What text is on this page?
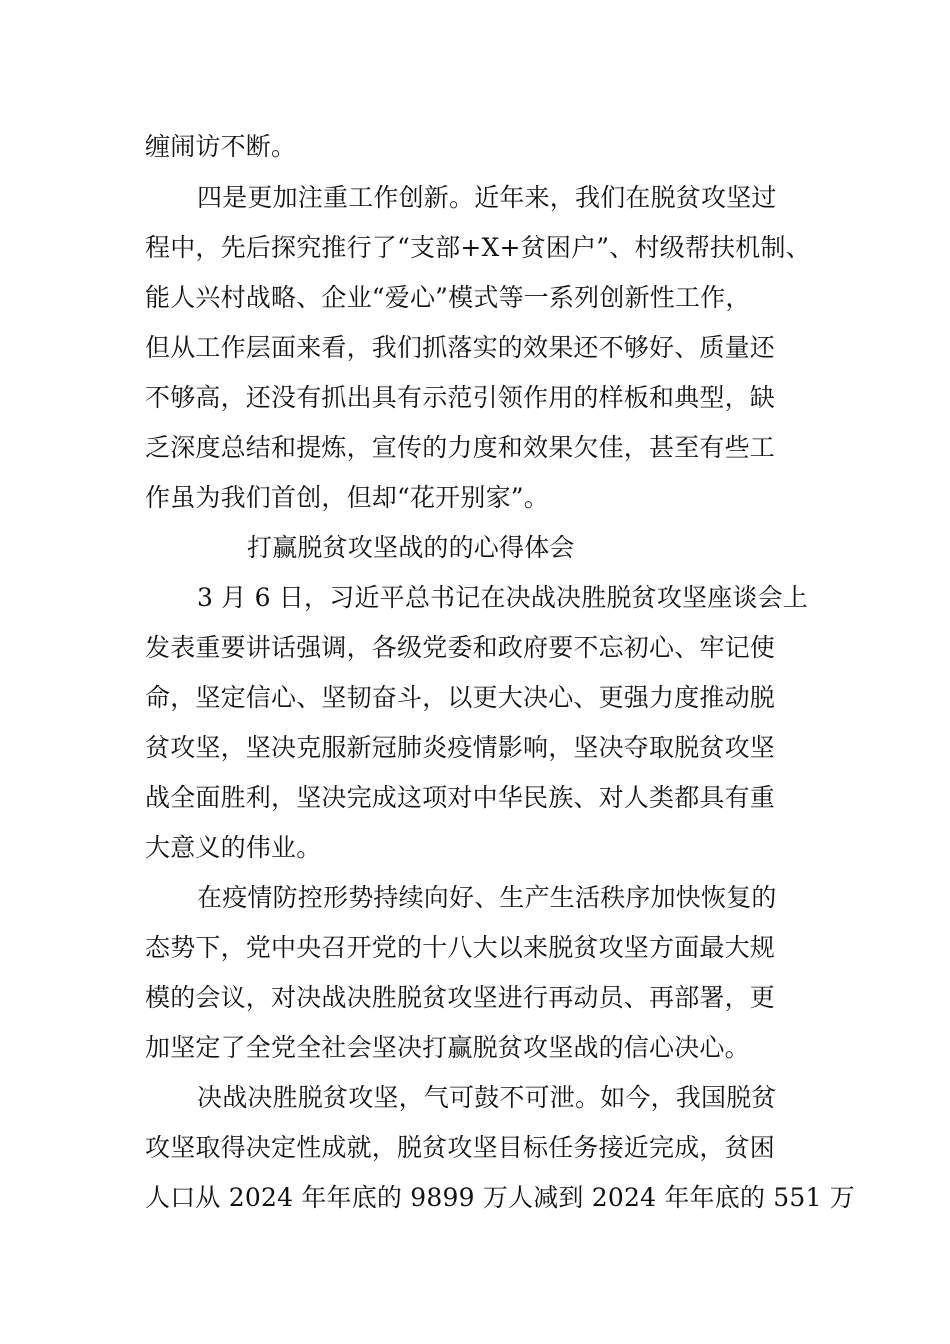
缠闹访不断。
四是更加注重工作创新。近年来，我们在脱贫攻坚过
程中，先后探究推行了“支部+X+贫困户”、村级帮扶机制、
能人兴村战略、企业“爱心”模式等一系列创新性工作，
但从工作层面来看，我们抓落实的效果还不够好、质量还
不够高，还没有抓出具有示范引领作用的样板和典型，缺
乏深度总结和提炼，宣传的力度和效果欠佳，甚至有些工
作虽为我们首创，但却“花开别家”。
打赢脱贫攻坚战的的心得体会
3 月 6 日，习近平总书记在决战决胜脱贫攻坚座谈会上
发表重要讲话强调，各级党委和政府要不忘初心、牢记使
命，坚定信心、坚韧奋斗，以更大决心、更强力度推动脱
贫攻坚，坚决克服新冠肺炎疫情影响，坚决夺取脱贫攻坚
战全面胜利，坚决完成这项对中华民族、对人类都具有重
大意义的伟业。
在疫情防控形势持续向好、生产生活秩序加快恢复的
态势下，党中央召开党的十八大以来脱贫攻坚方面最大规
模的会议，对决战决胜脱贫攻坚进行再动员、再部署，更
加坚定了全党全社会坚决打赢脱贫攻坚战的信心决心。
决战决胜脱贫攻坚，气可鼓不可泄。如今，我国脱贫
攻坚取得决定性成就，脱贫攻坚目标任务接近完成，贫困
人口从 2024 年年底的 9899 万人减到 2024 年年底的 551 万
